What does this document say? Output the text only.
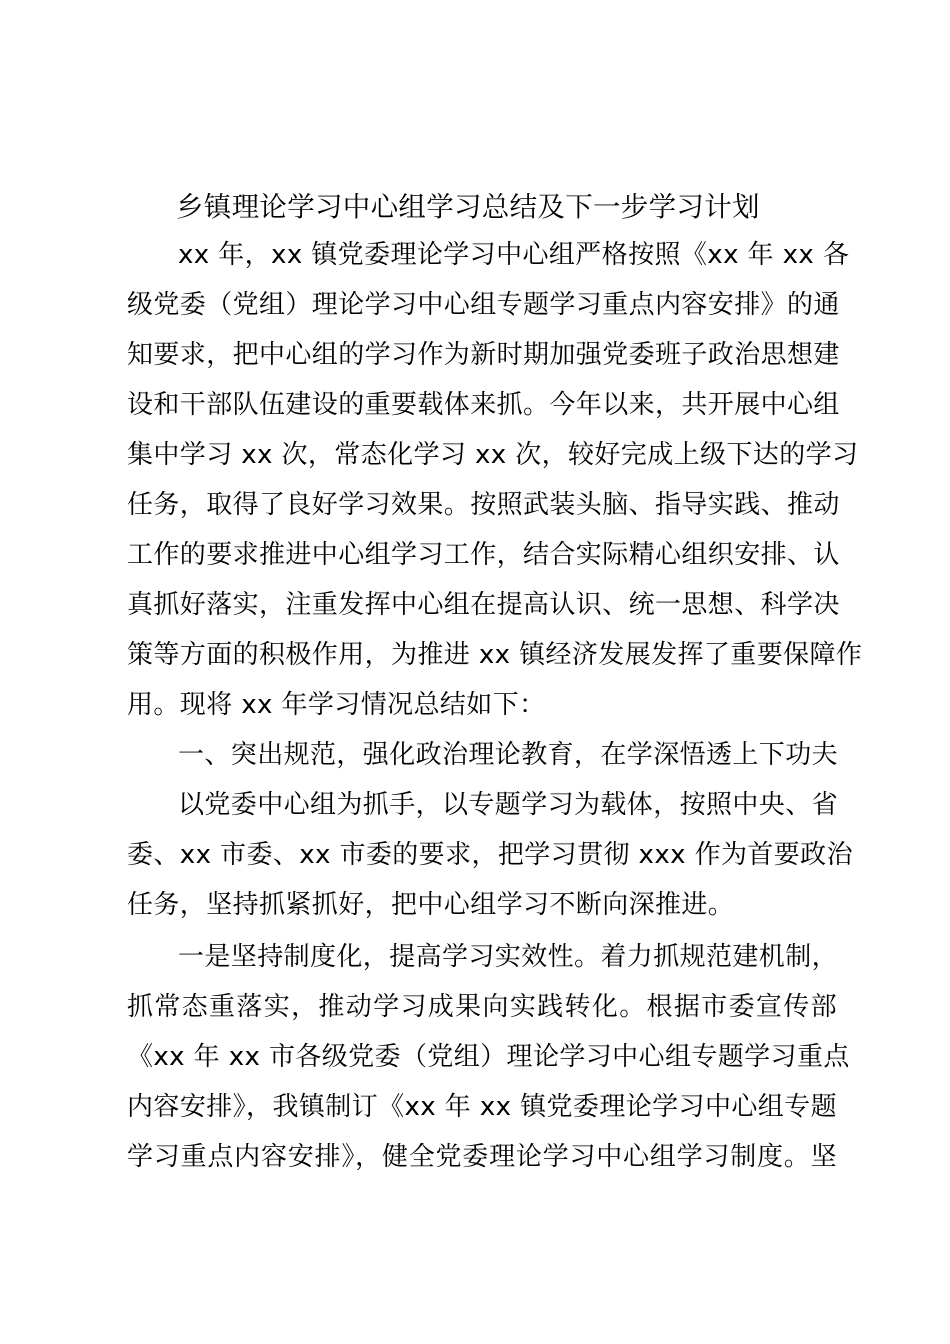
乡镇理论学习中心组学习总结及下一步学习计划
xx 年，xx 镇党委理论学习中心组严格按照《xx 年 xx 各
级党委（党组）理论学习中心组专题学习重点内容安排》的通
知要求，把中心组的学习作为新时期加强党委班子政治思想建
设和干部队伍建设的重要载体来抓。今年以来，共开展中心组
集中学习 xx 次，常态化学习 xx 次，较好完成上级下达的学习
任务，取得了良好学习效果。按照武装头脑、指导实践、推动
工作的要求推进中心组学习工作，结合实际精心组织安排、认
真抓好落实，注重发挥中心组在提高认识、统一思想、科学决
策等方面的积极作用，为推进 xx 镇经济发展发挥了重要保障作
用。现将 xx 年学习情况总结如下：
一、突出规范，强化政治理论教育，在学深悟透上下功夫
以党委中心组为抓手，以专题学习为载体，按照中央、省
委、xx 市委、xx 市委的要求，把学习贯彻 xxx 作为首要政治
任务，坚持抓紧抓好，把中心组学习不断向深推进。
一是坚持制度化，提高学习实效性。着力抓规范建机制，
抓常态重落实，推动学习成果向实践转化。根据市委宣传部
《xx 年 xx 市各级党委（党组）理论学习中心组专题学习重点
内容安排》，我镇制订《xx 年 xx 镇党委理论学习中心组专题
学习重点内容安排》，健全党委理论学习中心组学习制度。坚
